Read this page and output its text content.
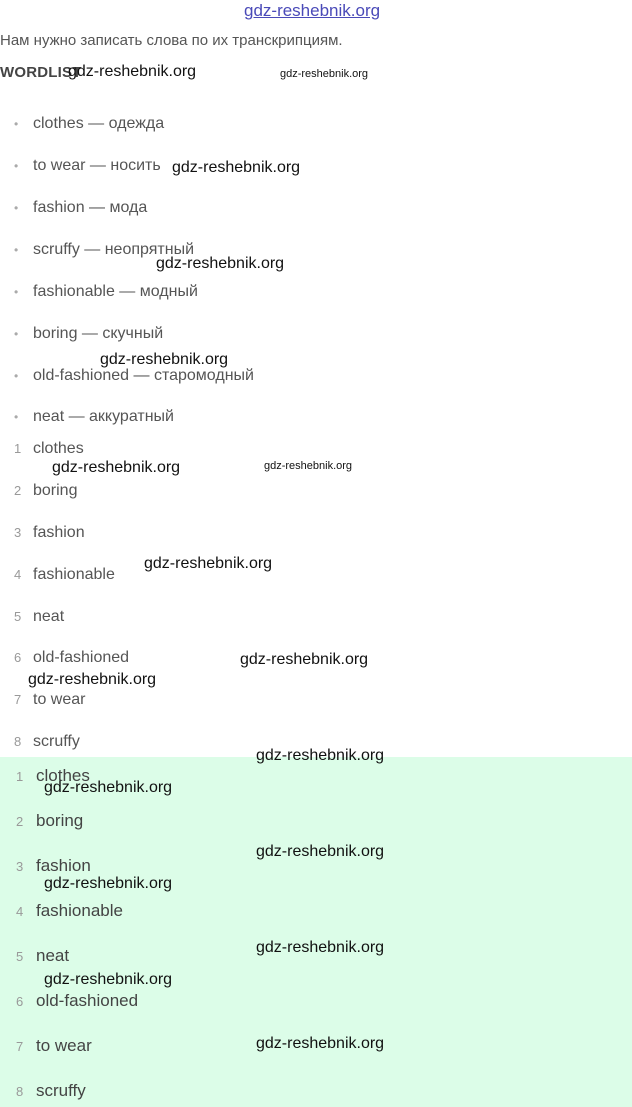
gdz-reshebnik.org
Нам нужно записать слова по их транскрипциям.
WORDLIST
• clothes — одежда
• to wear — носить
• fashion — мода
• scruffy — неопрятный
• fashionable — модный
• boring — скучный
• old-fashioned — старомодный
• neat — аккуратный
1 clothes
2 boring
3 fashion
4 fashionable
5 neat
6 old-fashioned
7 to wear
8 scruffy
1 clothes
2 boring
3 fashion
4 fashionable
5 neat
6 old-fashioned
7 to wear
8 scruffy
gdz-reshebnik.org	gdz-reshebnik.org
gdz-reshebnik.org
gdz-reshebnik.org
gdz-reshebnik.org
gdz-reshebnik.org	gdz-reshebnik.org
gdz-reshebnik.org
gdz-reshebnik.org
gdz-reshebnik.org
gdz-reshebnik.org
gdz-reshebnik.org
gdz-reshebnik.org
gdz-reshebnik.org
gdz-reshebnik.org
gdz-reshebnik.org
gdz-reshebnik.org
